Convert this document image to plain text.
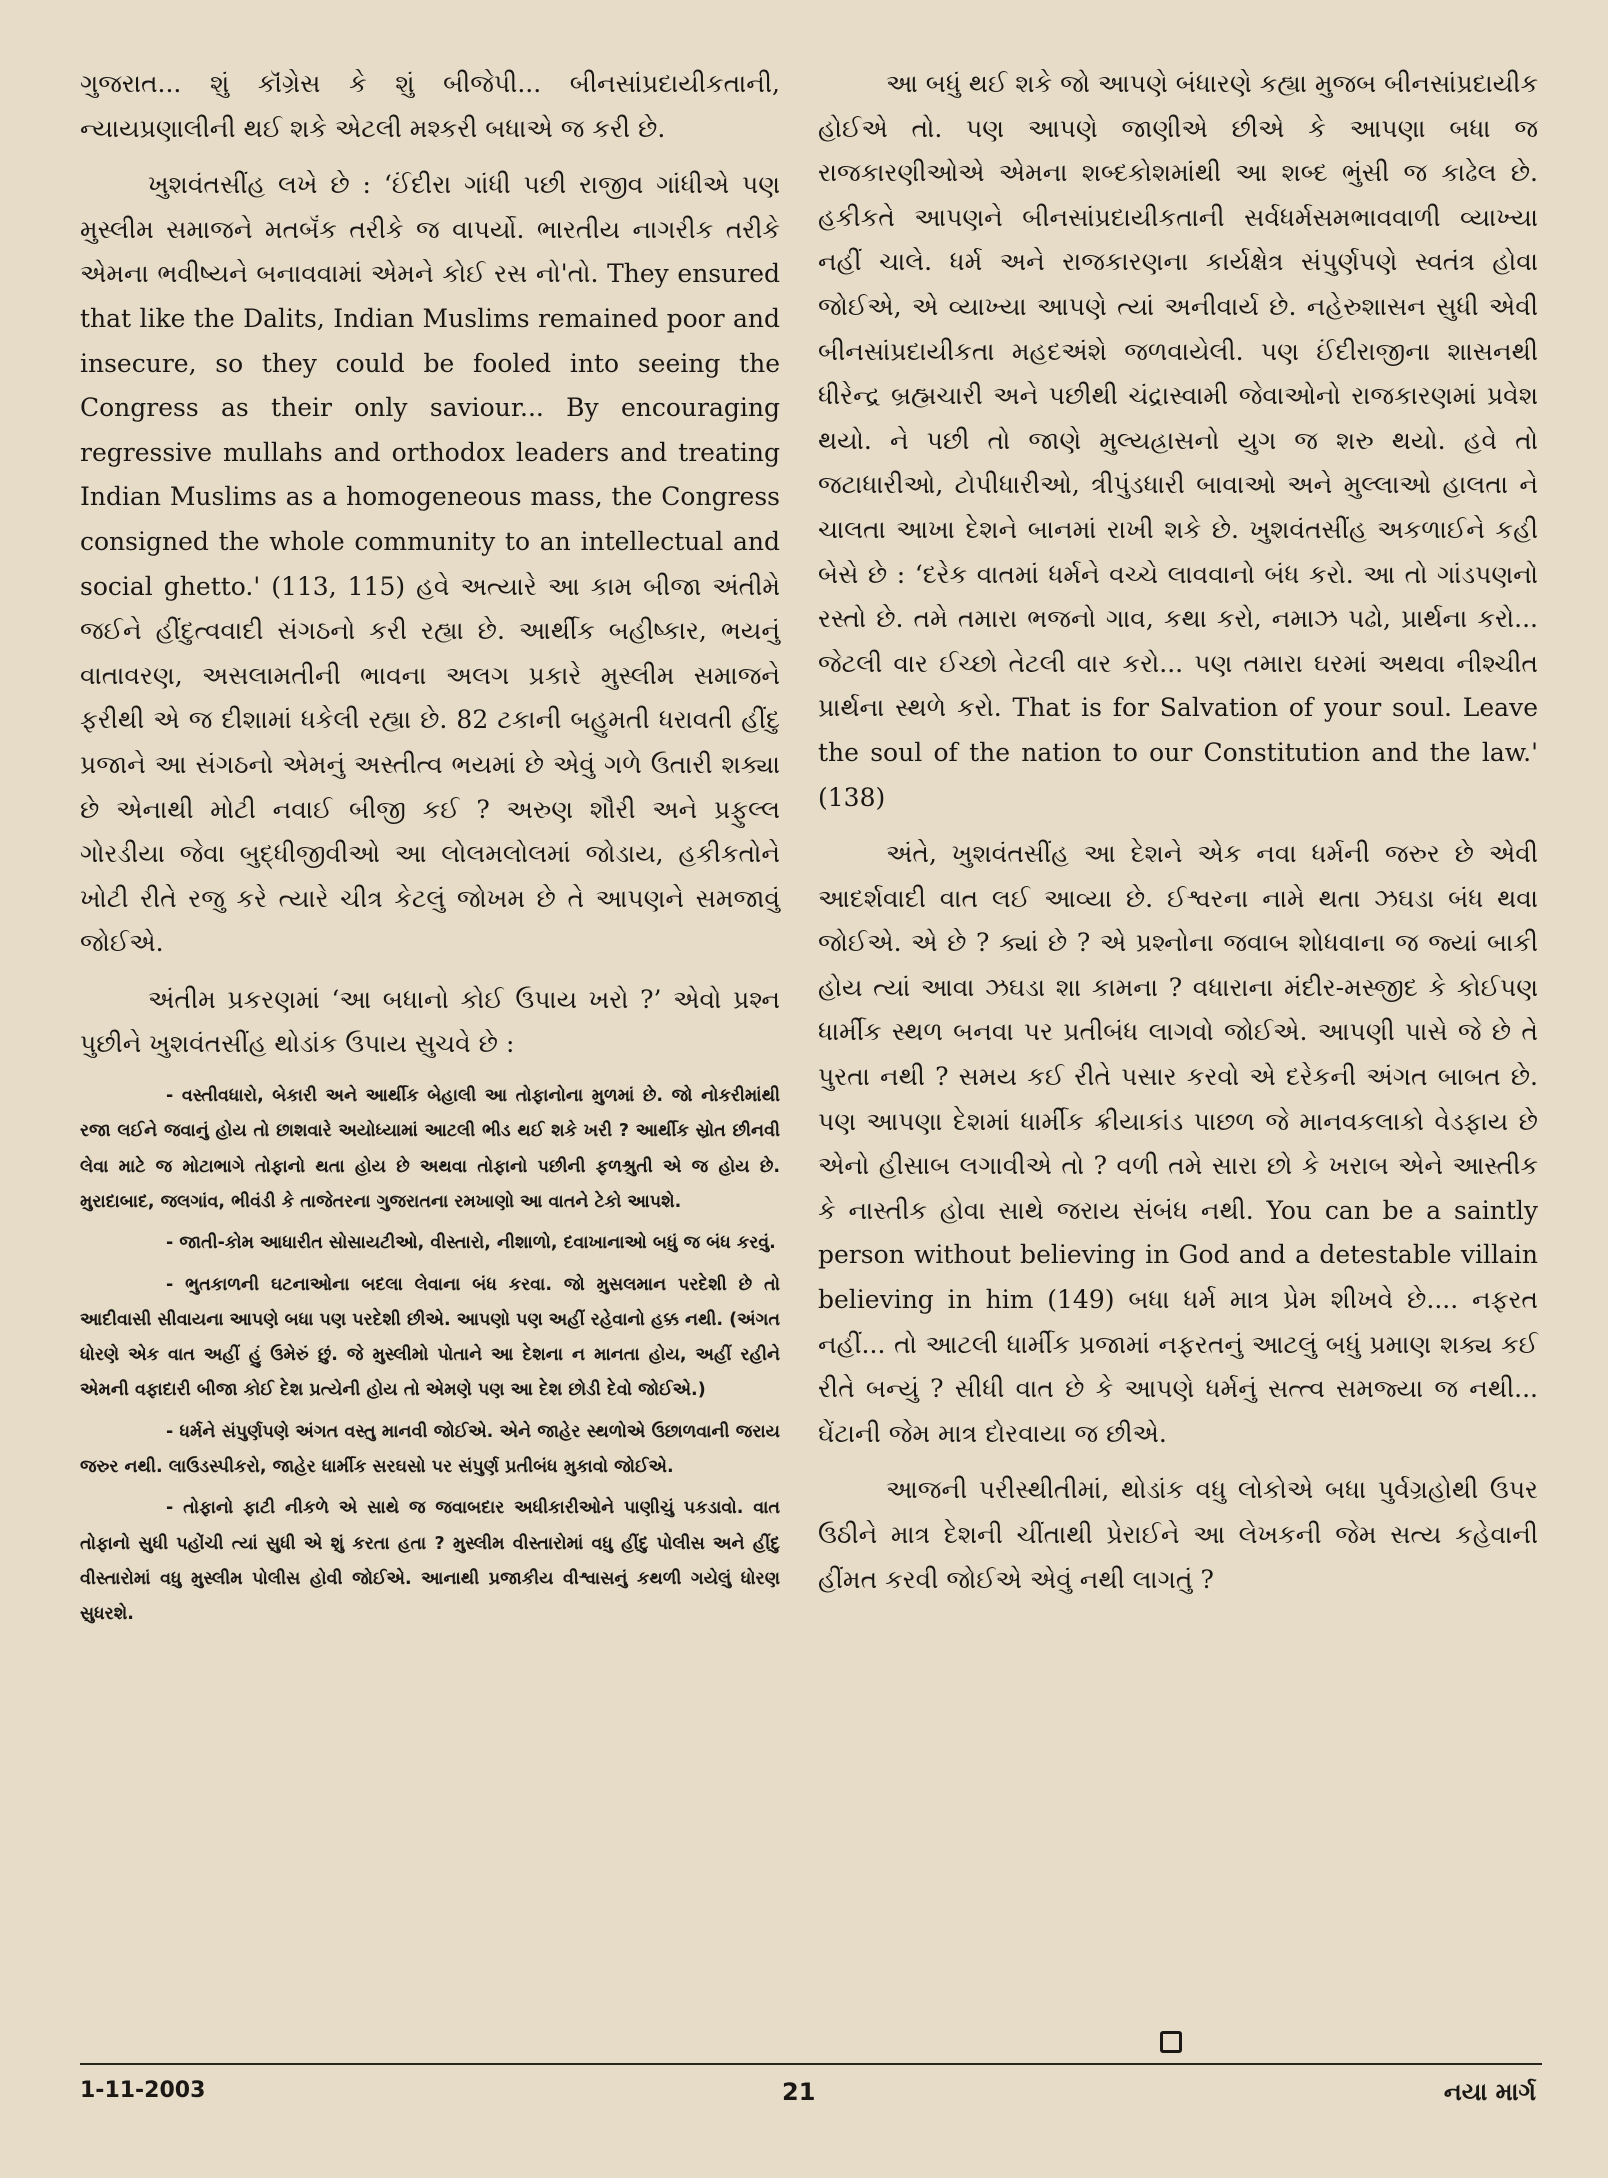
ગુજરાત... શું કૉંગ્રેસ કે શું બીજેપી... બીનસાંપ્રદાયીકતાની, ન્યાયપ્રણાલીની થઈ શકે એટલી મશ્કરી બધાએ જ કરી છે.

ખુશવંતસીંહ લખે છે : ‘ઈંદીરા ગાંધી પછી રાજીવ ગાંધીએ પણ મુસ્લીમ સમાજને મતબૅંક તરીકે જ વાપર્યો. ભારતીય નાગરીક તરીકે એમના ભવીષ્યને બનાવવામાં એમને કોઈ રસ નો'તો. They ensured that like the Dalits, Indian Muslims remained poor and insecure, so they could be fooled into seeing the Congress as their only saviour... By encouraging regressive mullahs and orthodox leaders and treating Indian Muslims as a homogeneous mass, the Congress consigned the whole community to an intellectual and social ghetto.' (113, 115) હવે અત્યારે આ કામ બીજા અંતીમે જઈને હીંદુત્વવાદી સંગઠનો કરી રહ્યા છે. આર્થીક બહીષ્કાર, ભયનું વાતાવરણ, અસલામતીની ભાવના અલગ પ્રકારે મુસ્લીમ સમાજને ફરીથી એ જ દીશામાં ધકેલી રહ્યા છે. 82 ટકાની બહુમતી ધરાવતી હીંદુ પ્રજાને આ સંગઠનો એમનું અસ્તીત્વ ભયમાં છે એવું ગળે ઉતારી શક્યા છે એનાથી મોટી નવાઈ બીજી કઈ ? અરુણ શૌરી અને પ્રફુલ્લ ગોરડીયા જેવા બુદ્ધીજીવીઓ આ લોલમલોલમાં જોડાય, હકીકતોને ખોટી રીતે રજુ કરે ત્યારે ચીત્ર કેટલું જોખમ છે તે આપણને સમજાવું જોઈએ.

અંતીમ પ્રકરણમાં ‘આ બધાનો કોઈ ઉપાય ખરો ?’ એવો પ્રશ્ન પુછીને ખુશવંતસીંહ થોડાંક ઉપાય સુચવે છે :

- વસ્તીવધારો, બેકારી અને આર્થીક બેહાલી આ તોફાનોના મુળમાં છે. જો નોકરીમાંથી રજા લઈને જવાનું હોય તો છાશવારે અયોધ્યામાં આટલી ભીડ થઈ શકે ખરી ? આર્થીક સ્રોત છીનવી લેવા માટે જ મોટાભાગે તોફાનો થતા હોય છે અથવા તોફાનો પછીની ફળશ્રુતી એ જ હોય છે. મુરાદાબાદ, જલગાંવ, ભીવંડી કે તાજેતરના ગુજરાતના રમખાણો આ વાતને ટેકો આપશે.

- જાતી-કોમ આધારીત સોસાયટીઓ, વીસ્તારો, નીશાળો, દવાખાનાઓ બધું જ બંધ કરવું.

- ભુતકાળની ઘટનાઓના બદલા લેવાના બંધ કરવા. જો મુસલમાન પરદેશી છે તો આદીવાસી સીવાયના આપણે બધા પણ પરદેશી છીએ. આપણો પણ અહીં રહેવાનો હક્ક નથી. (અંગત ધોરણે એક વાત અહીં હું ઉમેરું છું. જે મુસ્લીમો પોતાને આ દેશના ન માનતા હોય, અહીં રહીને એમની વફાદારી બીજા કોઈ દેશ પ્રત્યેની હોય તો એમણે પણ આ દેશ છોડી દેવો જોઈએ.)

- ધર્મને સંપુર્ણપણે અંગત વસ્તુ માનવી જોઈએ. એને જાહેર સ્થળોએ ઉછાળવાની જરાય જરુર નથી. લાઉડસ્પીકરો, જાહેર ધાર્મીક સરઘસો પર સંપુર્ણ પ્રતીબંધ મુકાવો જોઈએ.

- તોફાનો ફાટી નીકળે એ સાથે જ જવાબદાર અધીકારીઓને પાણીચું પકડાવો. વાત તોફાનો સુધી પહોંચી ત્યાં સુધી એ શું કરતા હતા ? મુસ્લીમ વીસ્તારોમાં વધુ હીંદુ પોલીસ અને હીંદુ વીસ્તારોમાં વધુ મુસ્લીમ પોલીસ હોવી જોઈએ. આનાથી પ્રજાકીય વીશ્વાસનું કથળી ગયેલું ધોરણ સુધરશે.

આ બધું થઈ શકે જો આપણે બંધારણે કહ્યા મુજબ બીનસાંપ્રદાયીક હોઈએ તો. પણ આપણે જાણીએ છીએ કે આપણા બધા જ રાજકારણીઓએ એમના શબ્દકોશમાંથી આ શબ્દ ભુંસી જ કાઢેલ છે. હકીકતે આપણને બીનસાંપ્રદાયીકતાની સર્વધર્મસમભાવવાળી વ્યાખ્યા નહીં ચાલે. ધર્મ અને રાજકારણના કાર્યક્ષેત્ર સંપુર્ણપણે સ્વતંત્ર હોવા જોઈએ, એ વ્યાખ્યા આપણે ત્યાં અનીવાર્ય છે. નહેરુશાસન સુધી એવી બીનસાંપ્રદાયીકતા મહદઅંશે જળવાયેલી. પણ ઈંદીરાજીના શાસનથી ધીરેન્દ્ર બ્રહ્મચારી અને પછીથી ચંદ્રાસ્વામી જેવાઓનો રાજકારણમાં પ્રવેશ થયો. ને પછી તો જાણે મુલ્યહ્રાસનો યુગ જ શરુ થયો. હવે તો જટાધારીઓ, ટોપીધારીઓ, ત્રીપુંડધારી બાવાઓ અને મુલ્લાઓ હાલતા ને ચાલતા આખા દેશને બાનમાં રાખી શકે છે. ખુશવંતસીંહ અકળાઈને કહી બેસે છે : ‘દરેક વાતમાં ધર્મને વચ્ચે લાવવાનો બંધ કરો. આ તો ગાંડપણનો રસ્તો છે. તમે તમારા ભજનો ગાવ, કથા કરો, નમાઝ પઢો, પ્રાર્થના કરો... જેટલી વાર ઈચ્છો તેટલી વાર કરો... પણ તમારા ઘરમાં અથવા નીશ્ચીત પ્રાર્થના સ્થળે કરો. That is for Salvation of your soul. Leave the soul of the nation to our Constitution and the law.' (138)

અંતે, ખુશવંતસીંહ આ દેશને એક નવા ધર્મની જરુર છે એવી આદર્શવાદી વાત લઈ આવ્યા છે. ઈશ્વરના નામે થતા ઝઘડા બંધ થવા જોઈએ. એ છે ? ક્યાં છે ? એ પ્રશ્નોના જવાબ શોધવાના જ જ્યાં બાકી હોય ત્યાં આવા ઝઘડા શા કામના ? વધારાના મંદીર-મસ્જીદ કે કોઈપણ ધાર્મીક સ્થળ બનવા પર પ્રતીબંધ લાગવો જોઈએ. આપણી પાસે જે છે તે પુરતા નથી ? સમય કઈ રીતે પસાર કરવો એ દરેકની અંગત બાબત છે. પણ આપણા દેશમાં ધાર્મીક ક્રીયાકાંડ પાછળ જે માનવકલાકો વેડફાય છે એનો હીસાબ લગાવીએ તો ? વળી તમે સારા છો કે ખરાબ એને આસ્તીક કે નાસ્તીક હોવા સાથે જરાય સંબંધ નથી. You can be a saintly person without believing in God and a detestable villain believing in him (149) બધા ધર્મ માત્ર પ્રેમ શીખવે છે.... નફરત નહીં... તો આટલી ધાર્મીક પ્રજામાં નફરતનું આટલું બધું પ્રમાણ શક્ય કઈ રીતે બન્યું ? સીધી વાત છે કે આપણે ધર્મનું સત્ત્વ સમજ્યા જ નથી... ઘેંટાની જેમ માત્ર દોરવાયા જ છીએ.

આજની પરીસ્થીતીમાં, થોડાંક વધુ લોકોએ બધા પુર્વગ્રહોથી ઉપર ઉઠીને માત્ર દેશની ચીંતાથી પ્રેરાઈને આ લેખકની જેમ સત્ય કહેવાની હીંમત કરવી જોઈએ એવું નથી લાગતું ?

1-11-2003	21	નયા માર્ગ
